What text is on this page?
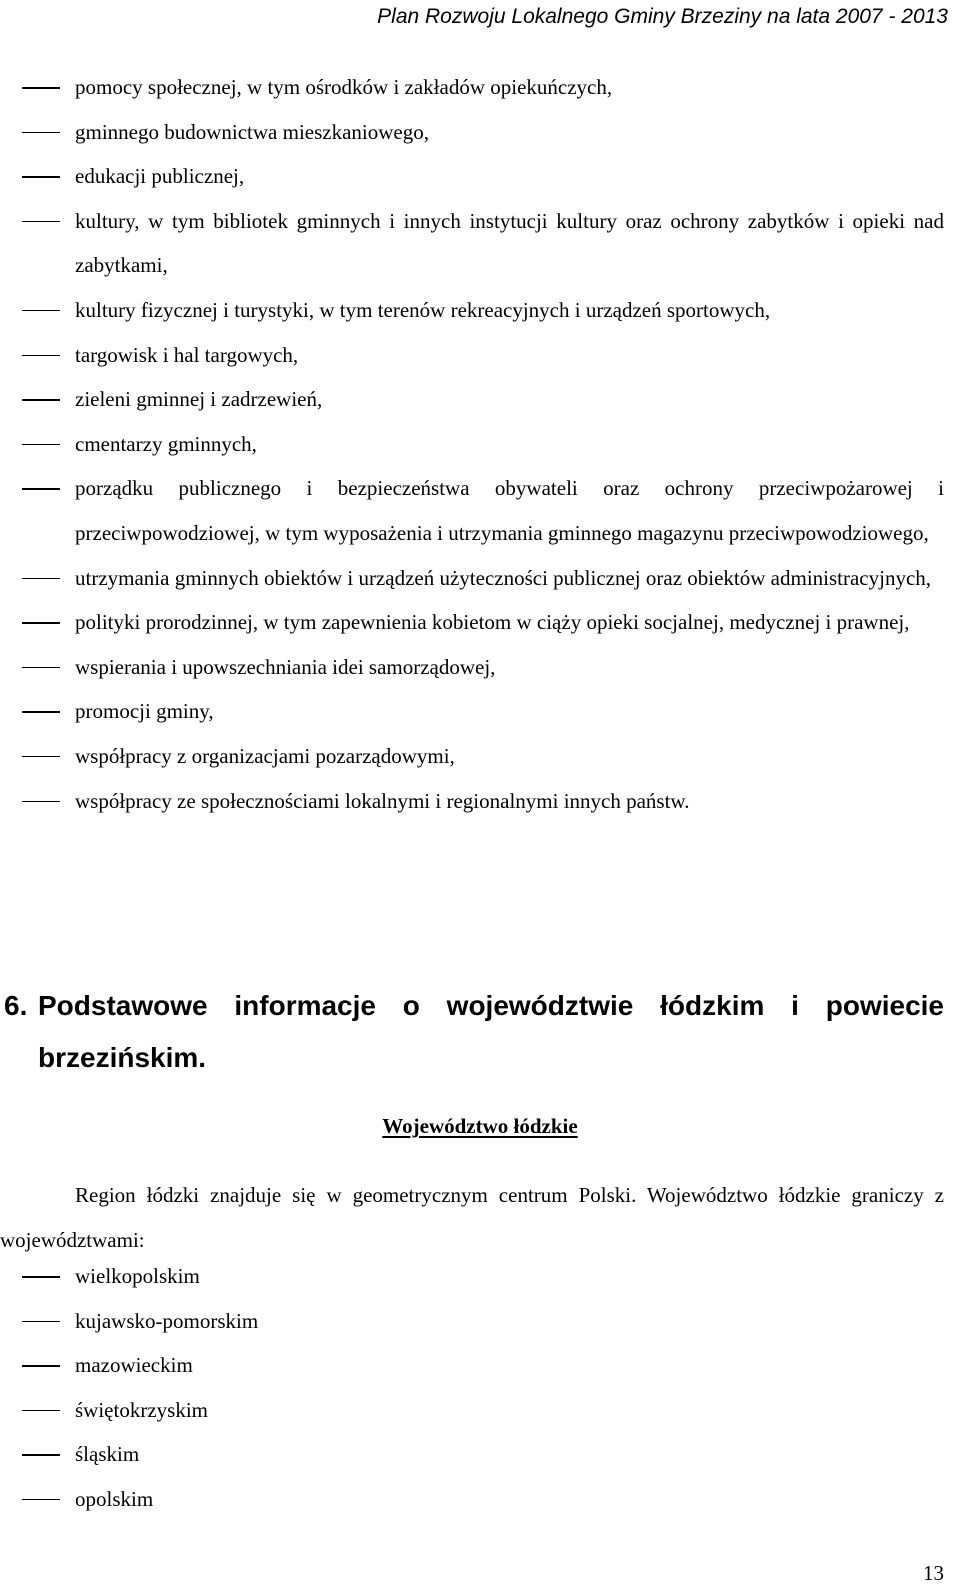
Plan Rozwoju Lokalnego Gminy Brzeziny na lata 2007 - 2013
pomocy społecznej, w tym ośrodków i zakładów opiekuńczych,
gminnego budownictwa mieszkaniowego,
edukacji publicznej,
kultury, w tym bibliotek gminnych i innych instytucji kultury oraz ochrony zabytków i opieki nad zabytkami,
kultury fizycznej i turystyki, w tym terenów rekreacyjnych i urządzeń sportowych,
targowisk i hal targowych,
zieleni gminnej i zadrzewień,
cmentarzy gminnych,
porządku publicznego i bezpieczeństwa obywateli oraz ochrony przeciwpożarowej i przeciwpowodziowej, w tym wyposażenia i utrzymania gminnego magazynu przeciwpowodziowego,
utrzymania gminnych obiektów i urządzeń użyteczności publicznej oraz obiektów administracyjnych,
polityki prorodzinnej, w tym zapewnienia kobietom w ciąży opieki socjalnej, medycznej i prawnej,
wspierania i upowszechniania idei samorządowej,
promocji gminy,
współpracy z organizacjami pozarządowymi,
współpracy ze społecznościami lokalnymi i regionalnymi innych państw.
6. Podstawowe informacje o województwie łódzkim i powiecie brzezińskim.
Województwo łódzkie
Region łódzki znajduje się w geometrycznym centrum Polski. Województwo łódzkie graniczy z województwami:
wielkopolskim
kujawsko-pomorskim
mazowieckim
świętokrzyskim
śląskim
opolskim
13
